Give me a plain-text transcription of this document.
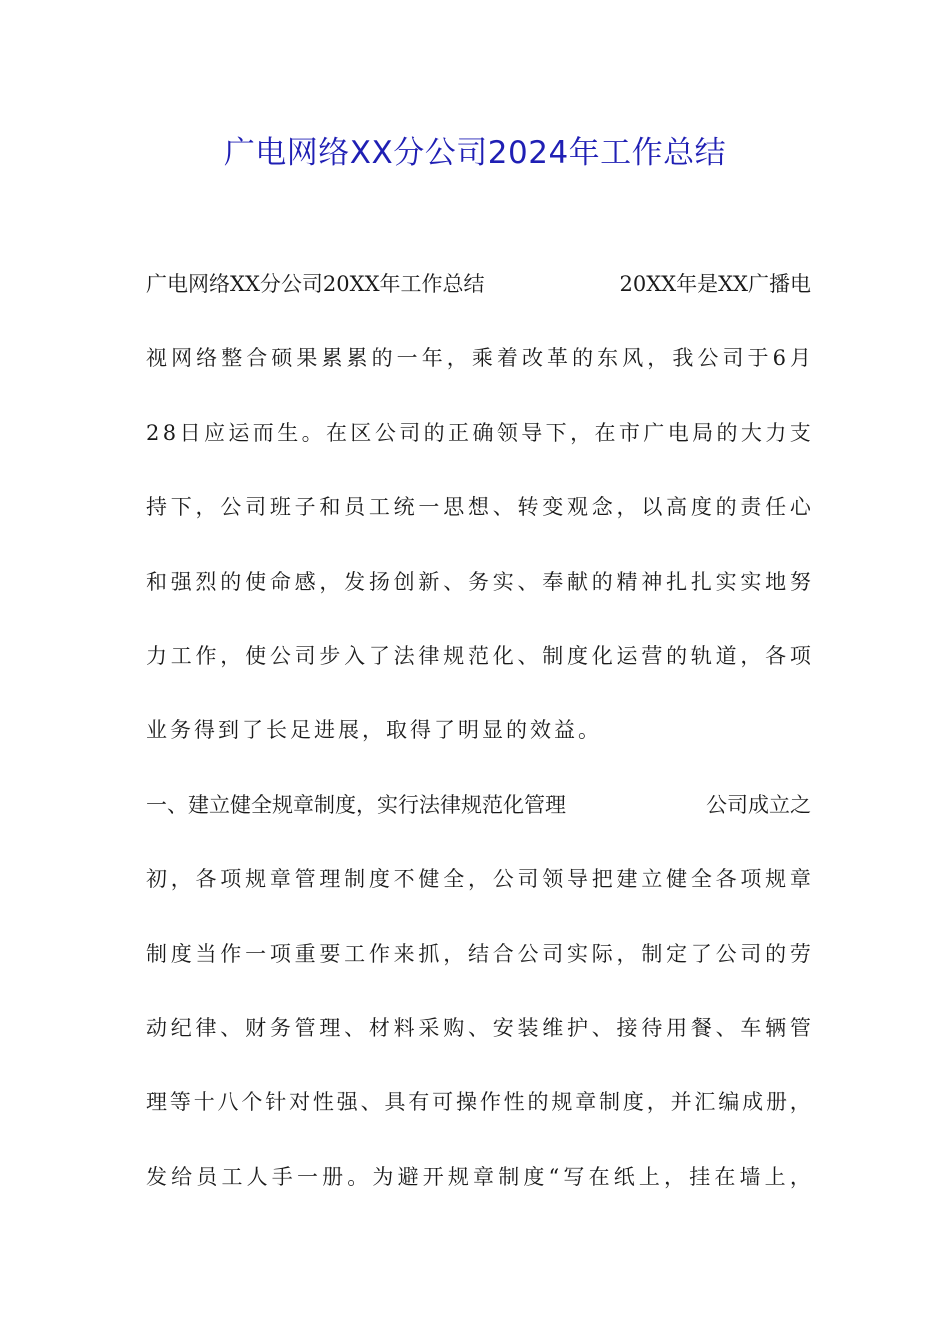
广电网络XX分公司2024年工作总结
广电网络XX分公司20XX年工作总结	20XX年是XX广播电
视 网 络 整 合 硕 果 累 累 的 一 年 ， 乘 着 改 革 的 东 风 ， 我 公 司 于 6 月
2 8 日 应 运 而 生 。 在 区 公 司 的 正 确 领 导 下 ， 在 市 广 电 局 的 大 力 支
持 下 ， 公 司 班 子 和 员 工 统 一 思 想 、 转 变 观 念 ， 以 高 度 的 责 任 心
和 强 烈 的 使 命 感 ， 发 扬 创 新 、 务 实 、 奉 献 的 精 神 扎 扎 实 实 地 努
力 工 作 ， 使 公 司 步 入 了 法 律 规 范 化 、 制 度 化 运 营 的 轨 道 ， 各 项
业务得到了长足进展，取得了明显的效益。
一、建立健全规章制度，实行法律规范化管理	公司成立之
初 ， 各 项 规 章 管 理 制 度 不 健 全 ， 公 司 领 导 把 建 立 健 全 各 项 规 章
制 度 当 作 一 项 重 要 工 作 来 抓 ， 结 合 公 司 实 际 ， 制 定 了 公 司 的 劳
动 纪 律 、 财 务 管 理 、 材 料 采 购 、 安 装 维 护 、 接 待 用 餐 、 车 辆 管
理 等 十 八 个 针 对 性 强 、 具 有 可 操 作 性 的 规 章 制 度 ， 并 汇 编 成 册 ，
发 给 员 工 人 手 一 册 。 为 避 开 规 章 制 度 “ 写 在 纸 上 ， 挂 在 墙 上 ，
